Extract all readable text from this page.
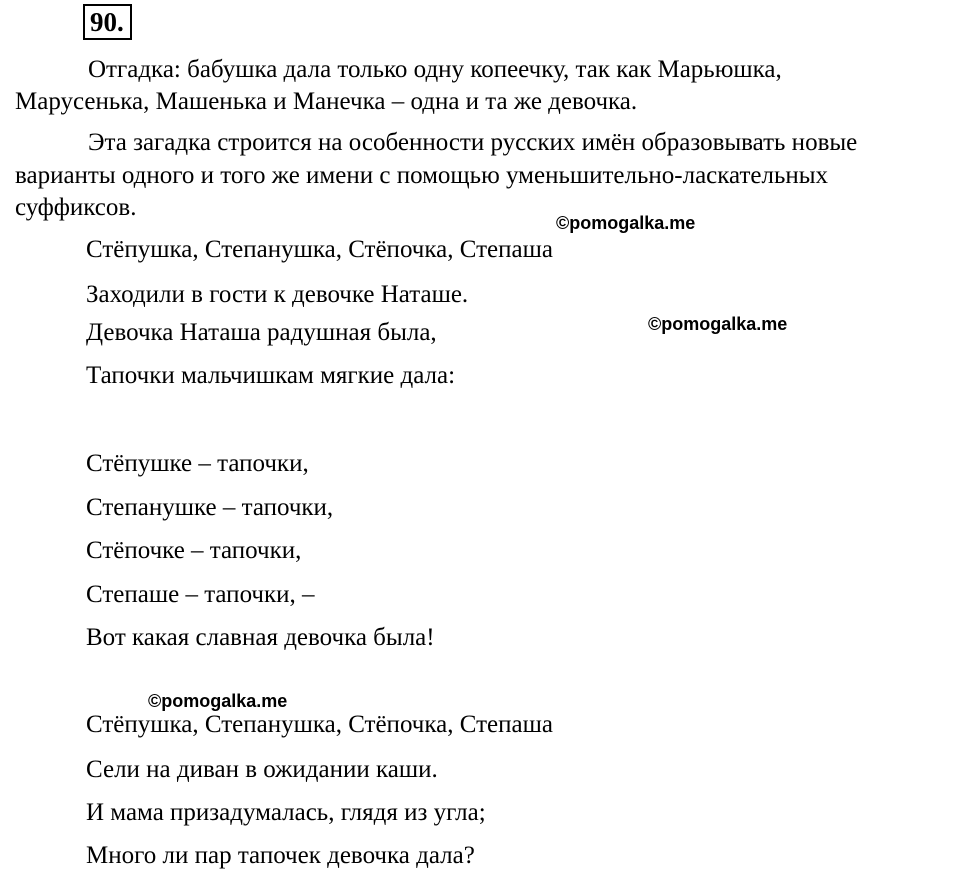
90.
Отгадка: бабушка дала только одну копеечку, так как Марьюшка,
Марусенька, Машенька и Манечка – одна и та же девочка.
Эта загадка строится на особенности русских имён образовывать новые
варианты одного и того же имени с помощью уменьшительно-ласкательных
суффиксов.
©pomogalka.me
Стёпушка, Степанушка, Стёпочка, Степаша
Заходили в гости к девочке Наташе.
Девочка Наташа радушная была,
Тапочки мальчишкам мягкие дала:
©pomogalka.me
Стёпушке – тапочки,
Степанушке – тапочки,
Стёпочке – тапочки,
Степаше – тапочки, –
Вот какая славная девочка была!
©pomogalka.me
Стёпушка, Степанушка, Стёпочка, Степаша
Сели на диван в ожидании каши.
И мама призадумалась, глядя из угла;
Много ли пар тапочек девочка дала?
